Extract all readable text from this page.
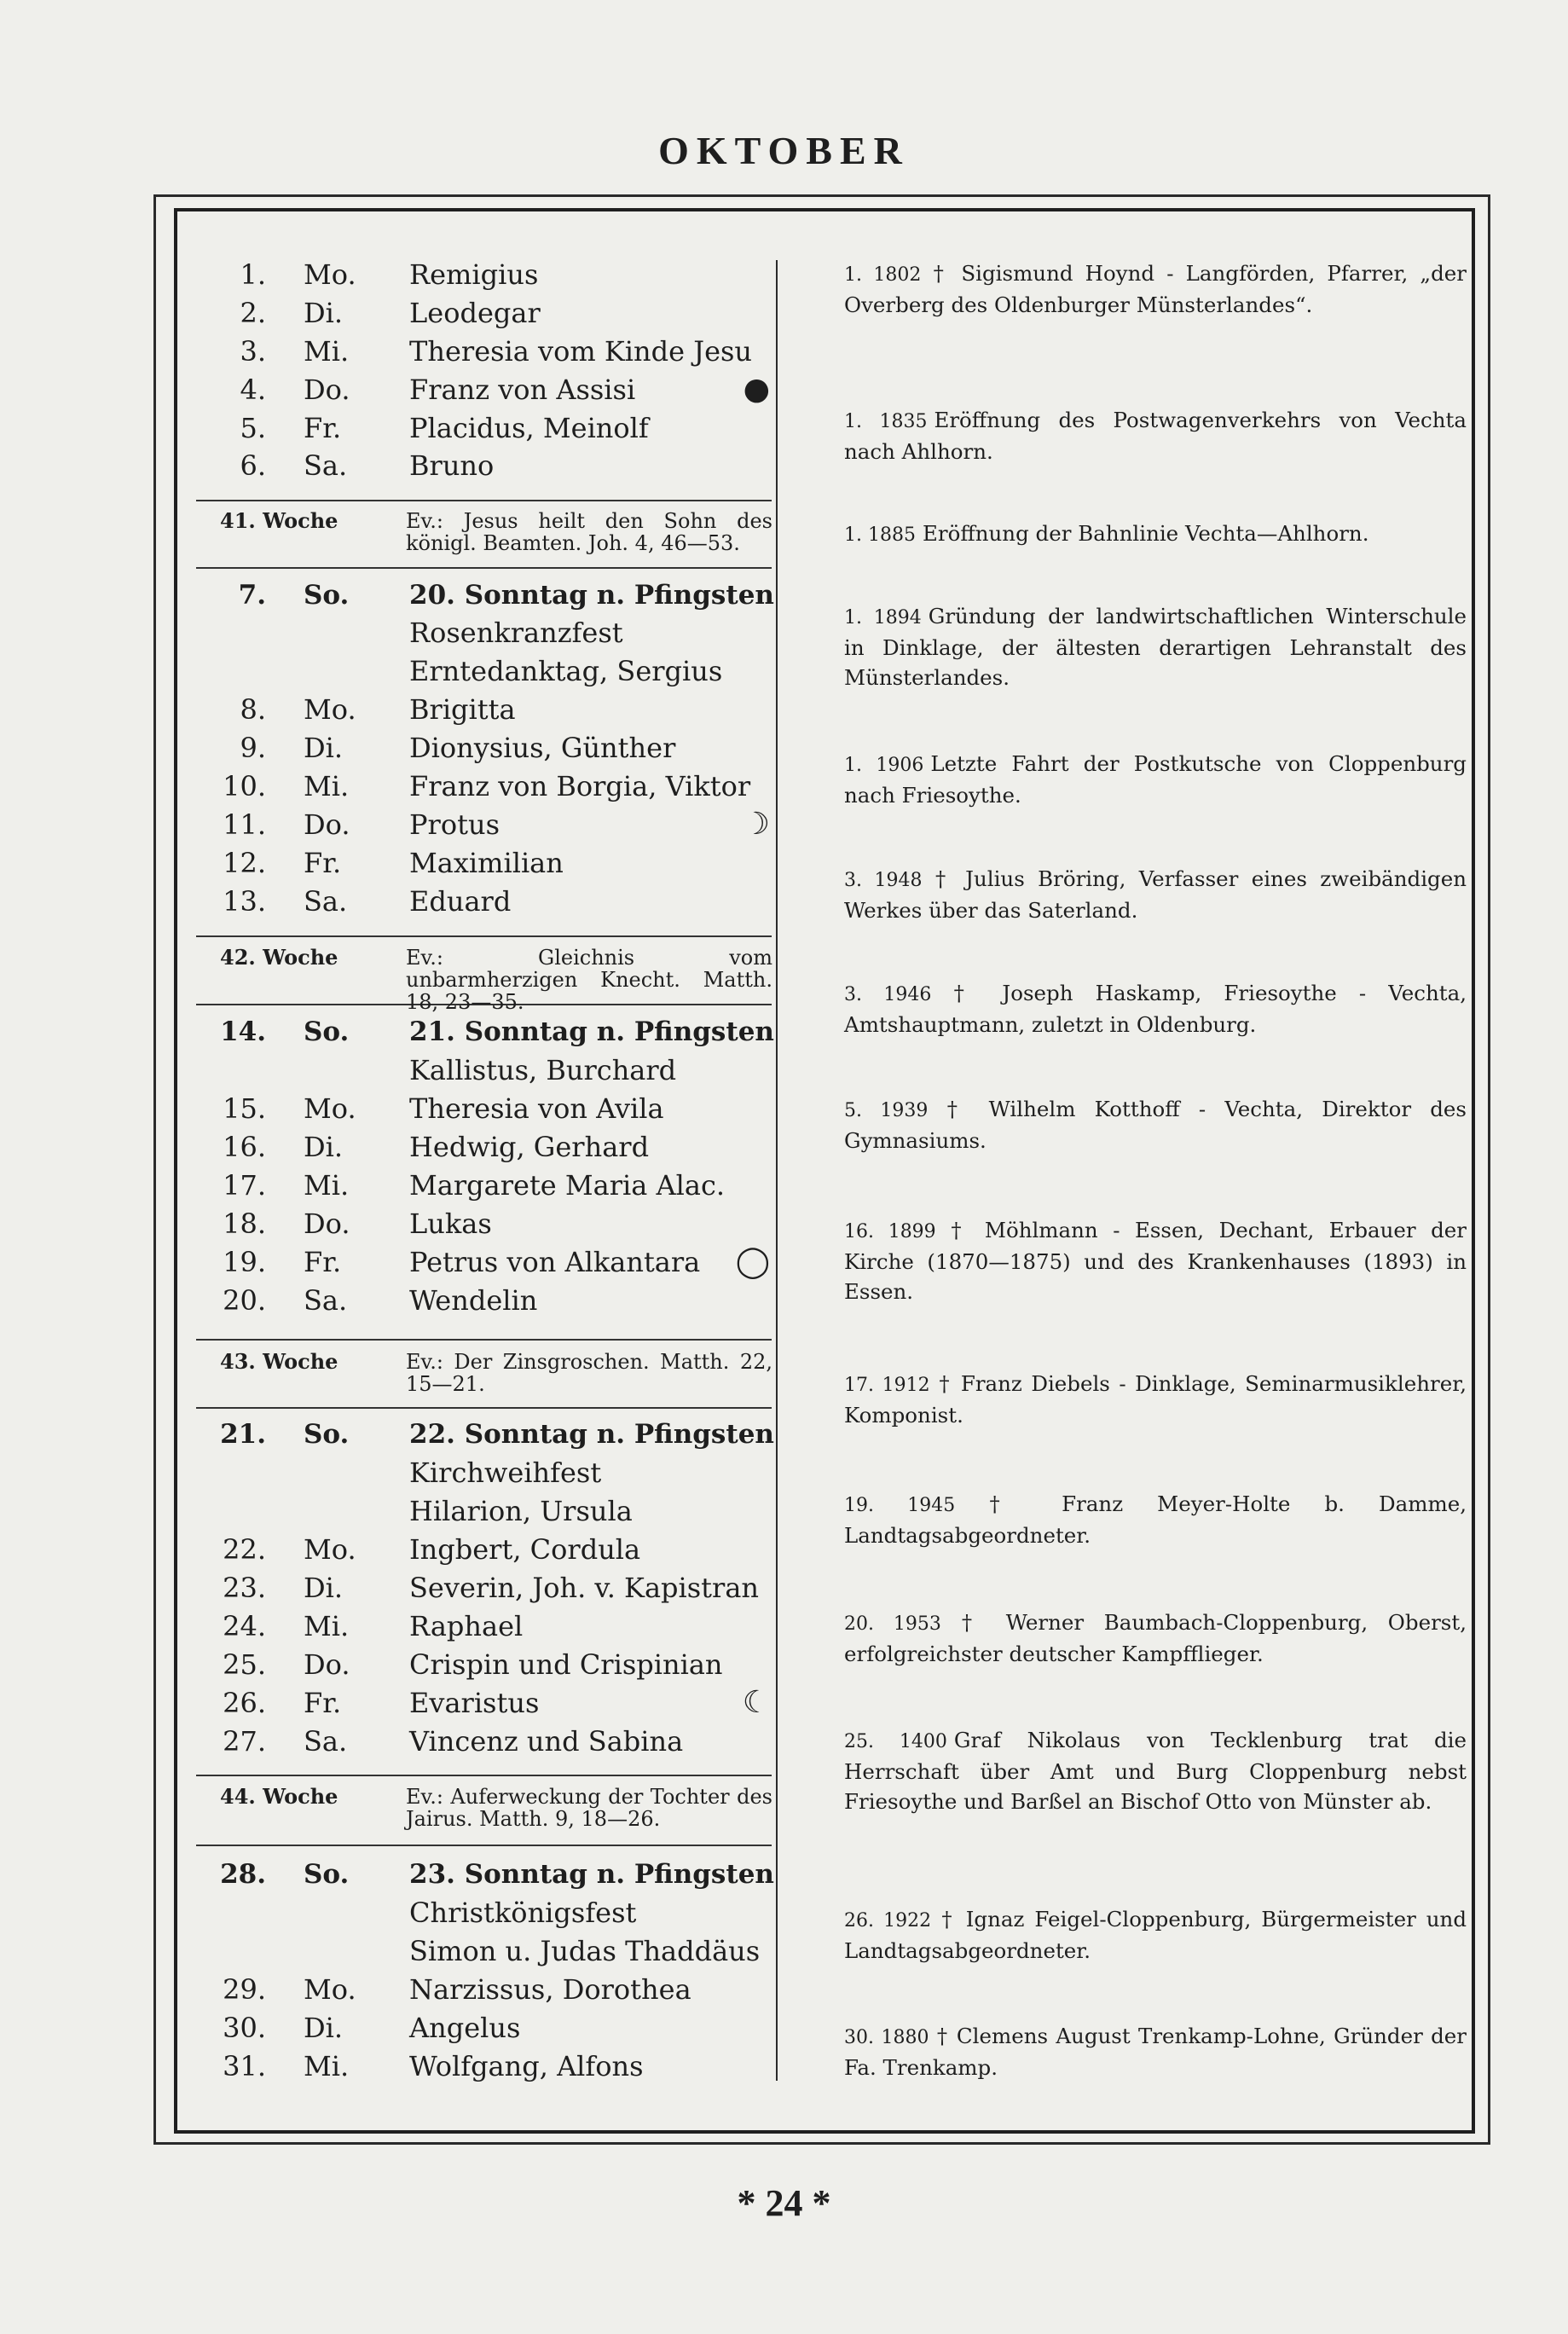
OKTOBER
* 24 *
1. Mo. Remigius
2. Di. Leodegar
3. Mi. Theresia vom Kinde Jesu
4. Do. Franz von Assisi	●
5. Fr. Placidus, Meinolf
6. Sa. Bruno
7. So. 20. Sonntag n. Pfingsten
Rosenkranzfest
Erntedanktag, Sergius
8. Mo. Brigitta
9. Di. Dionysius, Günther
10. Mi. Franz von Borgia, Viktor
11. Do. Protus	☽
12. Fr. Maximilian
13. Sa. Eduard
14. So. 21. Sonntag n. Pfingsten
Kallistus, Burchard
15. Mo. Theresia von Avila
16. Di. Hedwig, Gerhard
17. Mi. Margarete Maria Alac.
18. Do. Lukas
19. Fr. Petrus von Alkantara ◯
20. Sa. Wendelin
21. So. 22. Sonntag n. Pfingsten
Kirchweihfest
Hilarion, Ursula
22. Mo. Ingbert, Cordula
23. Di. Severin, Joh. v. Kapistran
24. Mi. Raphael
25. Do. Crispin und Crispinian
26. Fr. Evaristus	☾
27. Sa. Vincenz und Sabina
28. So. 23. Sonntag n. Pfingsten
Christkönigsfest
Simon u. Judas Thaddäus
29. Mo. Narzissus, Dorothea
30. Di. Angelus
31. Mi. Wolfgang, Alfons
41. Woche	Ev.: Jesus heilt den Sohn des königl. Beamten. Joh. 4, 46—53.
42. Woche	Ev.: Gleichnis vom unbarmherzigen Knecht. Matth. 18, 23—35.
43. Woche	Ev.: Der Zinsgroschen. Matth. 22, 15—21.
44. Woche	Ev.: Auferweckung der Tochter des Jairus. Matth. 9, 18—26.
1. 1802 † Sigismund Hoynd - Langförden, Pfarrer, „der Overberg des Oldenburger Münsterlandes“.
1. 1835 Eröffnung des Postwagenverkehrs von Vechta nach Ahlhorn.
1. 1885 Eröffnung der Bahnlinie Vechta—Ahlhorn.
1. 1894 Gründung der landwirtschaftlichen Winterschule in Dinklage, der ältesten derartigen Lehranstalt des Münsterlandes.
1. 1906 Letzte Fahrt der Postkutsche von Cloppenburg nach Friesoythe.
3. 1948 † Julius Bröring, Verfasser eines zweibändigen Werkes über das Saterland.
3. 1946 † Joseph Haskamp, Friesoythe - Vechta, Amtshauptmann, zuletzt in Oldenburg.
5. 1939 † Wilhelm Kotthoff - Vechta, Direktor des Gymnasiums.
16. 1899 † Möhlmann - Essen, Dechant, Erbauer der Kirche (1870—1875) und des Krankenhauses (1893) in Essen.
17. 1912 † Franz Diebels - Dinklage, Seminarmusiklehrer, Komponist.
19. 1945 † Franz Meyer-Holte b. Damme, Landtagsabgeordneter.
20. 1953 † Werner Baumbach-Cloppenburg, Oberst, erfolgreichster deutscher Kampfflieger.
25. 1400 Graf Nikolaus von Tecklenburg trat die Herrschaft über Amt und Burg Cloppenburg nebst Friesoythe und Barßel an Bischof Otto von Münster ab.
26. 1922 † Ignaz Feigel-Cloppenburg, Bürgermeister und Landtagsabgeordneter.
30. 1880 † Clemens August Trenkamp-Lohne, Gründer der Fa. Trenkamp.
